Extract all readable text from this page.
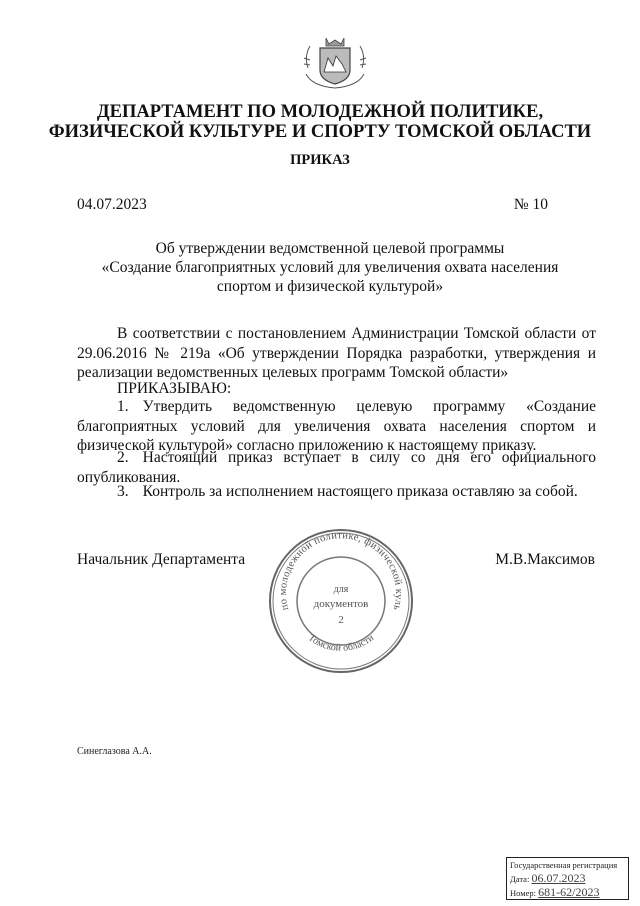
ДЕПАРТАМЕНТ ПО МОЛОДЕЖНОЙ ПОЛИТИКЕ,
ФИЗИЧЕСКОЙ КУЛЬТУРЕ И СПОРТУ ТОМСКОЙ ОБЛАСТИ
ПРИКАЗ
04.07.2023	№ 10
Об утверждении ведомственной целевой программы
«Создание благоприятных условий для увеличения охвата населения
спортом и физической культурой»
В соответствии с постановлением Администрации Томской области от 29.06.2016 № 219а «Об утверждении Порядка разработки, утверждения и реализации ведомственных целевых программ Томской области»
ПРИКАЗЫВАЮ:
1. Утвердить ведомственную целевую программу «Создание благоприятных условий для увеличения охвата населения спортом и физической культурой» согласно приложению к настоящему приказу.
2. Настоящий приказ вступает в силу со дня его официального опубликования.
3. Контроль за исполнением настоящего приказа оставляю за собой.
Начальник Департамента	М.В.Максимов
по молодежной политике, физической куль
Томской области
для
документов
2
Синеглазова А.А.
Государственная регистрация
Дата: 06.07.2023
Номер: 681-62/2023
